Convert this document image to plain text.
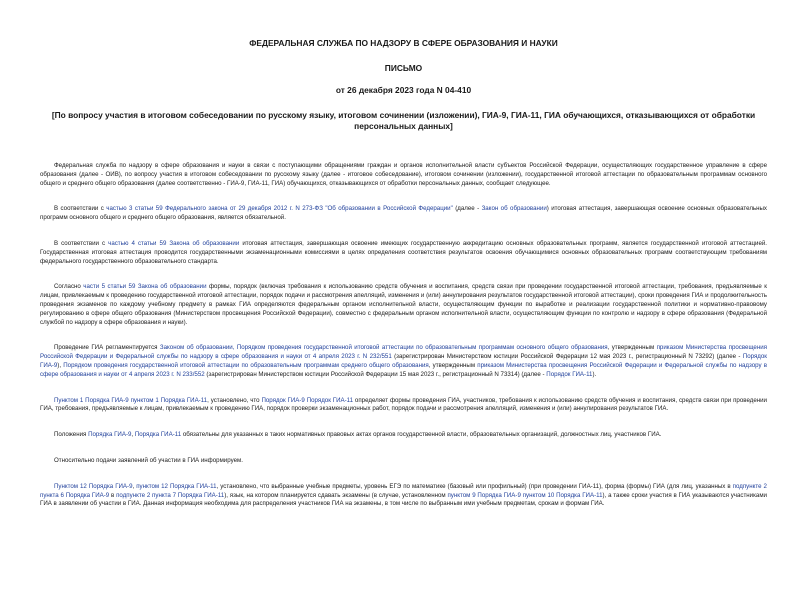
ФЕДЕРАЛЬНАЯ СЛУЖБА ПО НАДЗОРУ В СФЕРЕ ОБРАЗОВАНИЯ И НАУКИ
ПИСЬМО
от 26 декабря 2023 года N 04-410
[По вопросу участия в итоговом собеседовании по русскому языку, итоговом сочинении (изложении), ГИА-9, ГИА-11, ГИА обучающихся, отказывающихся от обработки персональных данных]

Федеральная служба по надзору в сфере образования и науки в связи с поступающими обращениями граждан и органов исполнительной власти субъектов Российской Федерации, осуществляющих государственное управление в сфере образования (далее - ОИВ), по вопросу участия в итоговом собеседовании по русскому языку (далее - итоговое собеседование), итоговом сочинении (изложении), государственной итоговой аттестации по образовательным программам основного общего и среднего общего образования (далее соответственно - ГИА-9, ГИА-11, ГИА) обучающихся, отказывающихся от обработки персональных данных, сообщает следующее.

В соответствии с частью 3 статьи 59 Федерального закона от 29 декабря 2012 г. N 273-ФЗ "Об образовании в Российской Федерации" (далее - Закон об образовании) итоговая аттестация, завершающая освоение основных образовательных программ основного общего и среднего общего образования, является обязательной.

В соответствии с частью 4 статьи 59 Закона об образовании итоговая аттестация, завершающая освоение имеющих государственную аккредитацию основных образовательных программ, является государственной итоговой аттестацией. Государственная итоговая аттестация проводится государственными экзаменационными комиссиями в целях определения соответствия результатов освоения обучающимися основных образовательных программ соответствующим требованиям федерального государственного образовательного стандарта.

Согласно части 5 статьи 59 Закона об образовании формы, порядок (включая требования к использованию средств обучения и воспитания, средств связи при проведении государственной итоговой аттестации, требования, предъявляемые к лицам, привлекаемым к проведению государственной итоговой аттестации, порядок подачи и рассмотрения апелляций, изменения и (или) аннулирования результатов государственной итоговой аттестации), сроки проведения ГИА и продолжительность проведения экзаменов по каждому учебному предмету в рамках ГИА определяются федеральным органом исполнительной власти, осуществляющим функции по выработке и реализации государственной политики и нормативно-правовому регулированию в сфере общего образования (Министерством просвещения Российской Федерации), совместно с федеральным органом исполнительной власти, осуществляющим функции по контролю и надзору в сфере образования (Федеральной службой по надзору в сфере образования и науки).

Проведение ГИА регламентируется Законом об образовании, Порядком проведения государственной итоговой аттестации по образовательным программам основного общего образования, утвержденным приказом Министерства просвещения Российской Федерации и Федеральной службы по надзору в сфере образования и науки от 4 апреля 2023 г. N 232/551 (зарегистрирован Министерством юстиции Российской Федерации 12 мая 2023 г., регистрационный N 73292) (далее - Порядок ГИА-9), Порядком проведения государственной итоговой аттестации по образовательным программам среднего общего образования, утвержденным приказом Министерства просвещения Российской Федерации и Федеральной службы по надзору в сфере образования и науки от 4 апреля 2023 г. N 233/552 (зарегистрирован Министерством юстиции Российской Федерации 15 мая 2023 г., регистрационный N 73314) (далее - Порядок ГИА-11).

Пунктом 1 Порядка ГИА-9 пунктом 1 Порядка ГИА-11, установлено, что Порядок ГИА-9 Порядок ГИА-11 определяет формы проведения ГИА, участников, требования к использованию средств обучения и воспитания, средств связи при проведении ГИА, требования, предъявляемые к лицам, привлекаемым к проведению ГИА, порядок проверки экзаменационных работ, порядок подачи и рассмотрения апелляций, изменения и (или) аннулирования результатов ГИА.

Положения Порядка ГИА-9, Порядка ГИА-11 обязательны для указанных в таких нормативных правовых актах органов государственной власти, образовательных организаций, должностных лиц, участников ГИА.

Относительно подачи заявлений об участии в ГИА информируем.

Пунктом 12 Порядка ГИА-9, пунктом 12 Порядка ГИА-11, установлено, что выбранные учебные предметы, уровень ЕГЭ по математике (базовый или профильный) (при проведении ГИА-11), форма (формы) ГИА (для лиц, указанных в подпункте 2 пункта 6 Порядка ГИА-9 в подпункте 2 пункта 7 Порядка ГИА-11), язык, на котором планируется сдавать экзамены (в случае, установленном пунктом 9 Порядка ГИА-9 пунктом 10 Порядка ГИА-11), а также сроки участия в ГИА указываются участниками ГИА в заявлении об участии в ГИА. Данная информация необходима для распределения участников ГИА на экзамены, в том числе по выбранным ими учебным предметам, срокам и формам ГИА.
